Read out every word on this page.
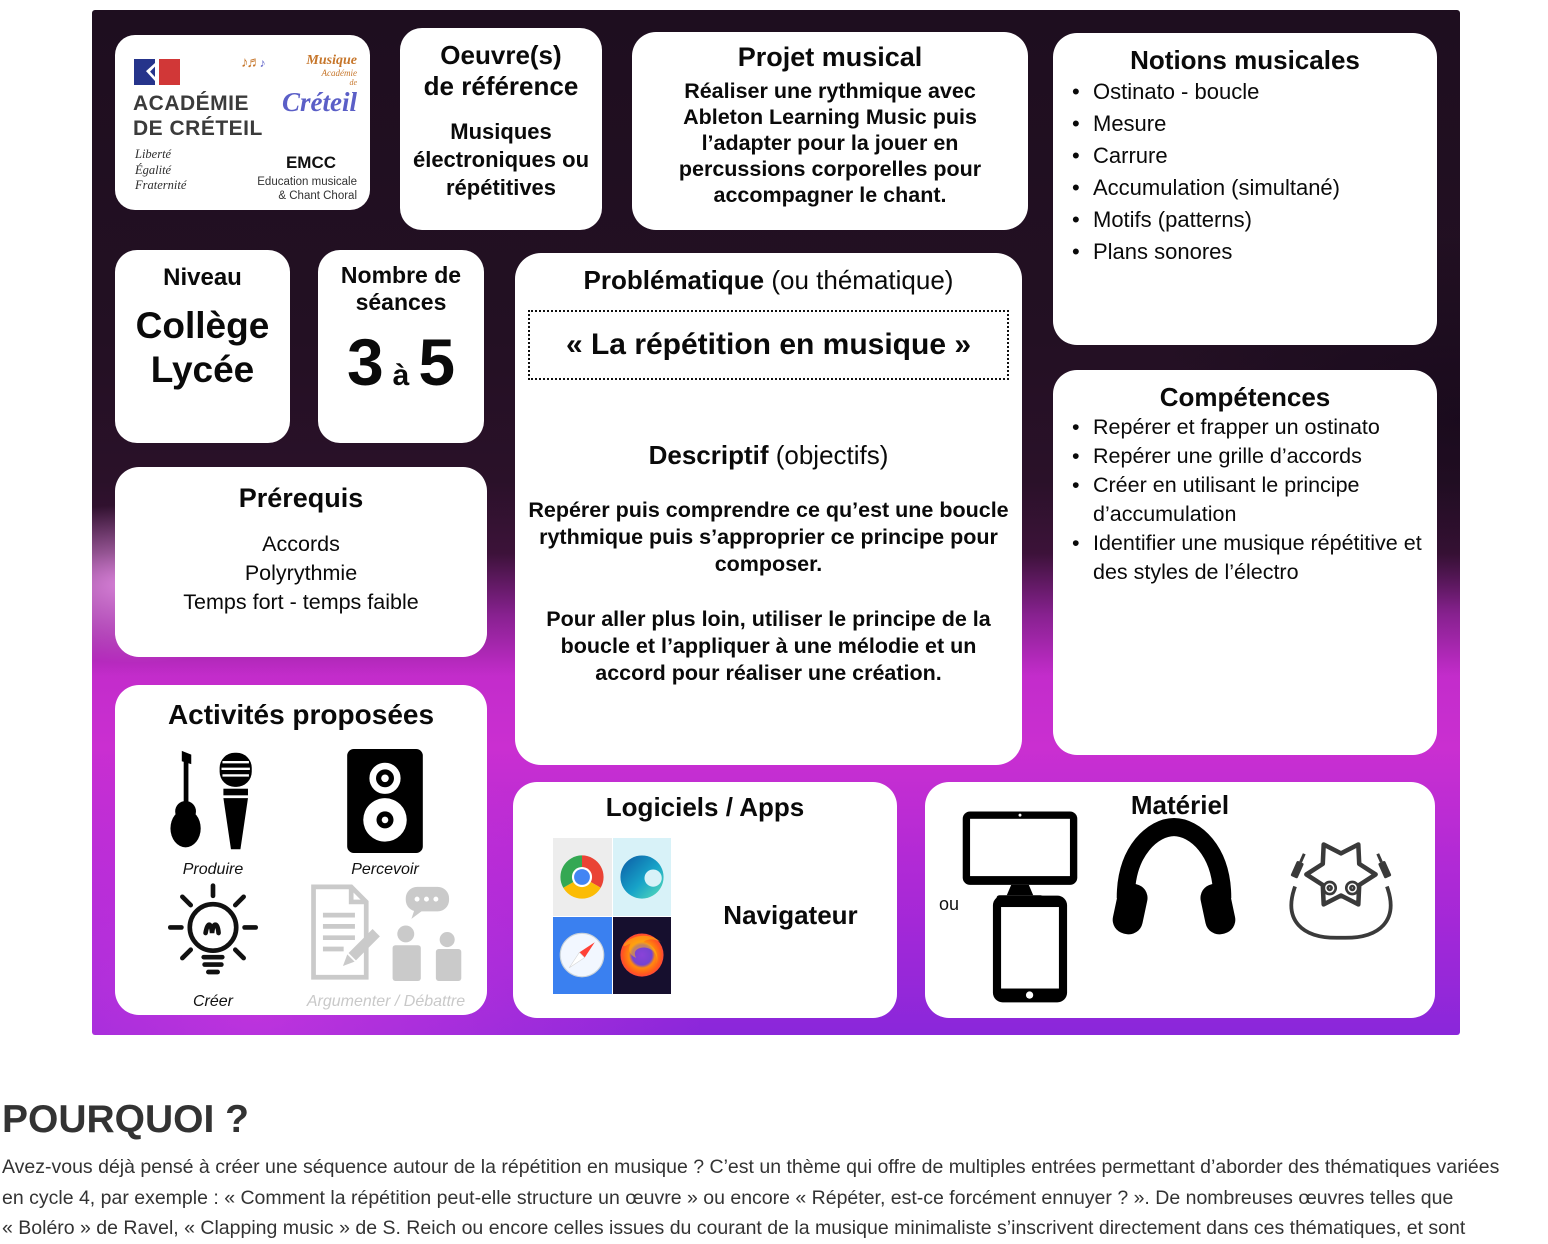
ACADÉMIE
DE CRÉTEIL
Liberté
Égalité
Fraternité
♪♬♪	Musique
Académie
de
Créteil
EMCC
Education musicale
& Chant Choral
Oeuvre(s)
de référence
Musiques électroniques ou répétitives
Projet musical
Réaliser une rythmique avec Ableton Learning Music puis l’adapter pour la jouer en percussions corporelles pour accompagner le chant.
Notions musicales
• Ostinato - boucle
• Mesure
• Carrure
• Accumulation (simultané)
• Motifs (patterns)
• Plans sonores
Niveau
Collège
Lycée
Nombre de
séances
3 à 5
Problématique (ou thématique)
« La répétition en musique »
Descriptif (objectifs)
Repérer puis comprendre ce qu’est une boucle rythmique puis s’approprier ce principe pour composer.
Pour aller plus loin, utiliser le principe de la boucle et l’appliquer à une mélodie et un accord pour réaliser une création.
Compétences
• Repérer et frapper un ostinato
• Repérer une grille d’accords
• Créer en utilisant le principe d’accumulation
• Identifier une musique répétitive et des styles de l’électro
Prérequis
Accords
Polyrythmie
Temps fort - temps faible
Activités proposées
Produire	Percevoir
Créer	Argumenter / Débattre
Logiciels / Apps
Navigateur
Matériel
ou
POURQUOI ?
Avez-vous déjà pensé à créer une séquence autour de la répétition en musique ? C’est un thème qui offre de multiples entrées permettant d’aborder des thématiques variées
en cycle 4, par exemple : « Comment la répétition peut-elle structure un œuvre » ou encore « Répéter, est-ce forcément ennuyer ? ». De nombreuses œuvres telles que
« Boléro » de Ravel, « Clapping music » de S. Reich ou encore celles issues du courant de la musique minimaliste s’inscrivent directement dans ces thématiques, et sont
